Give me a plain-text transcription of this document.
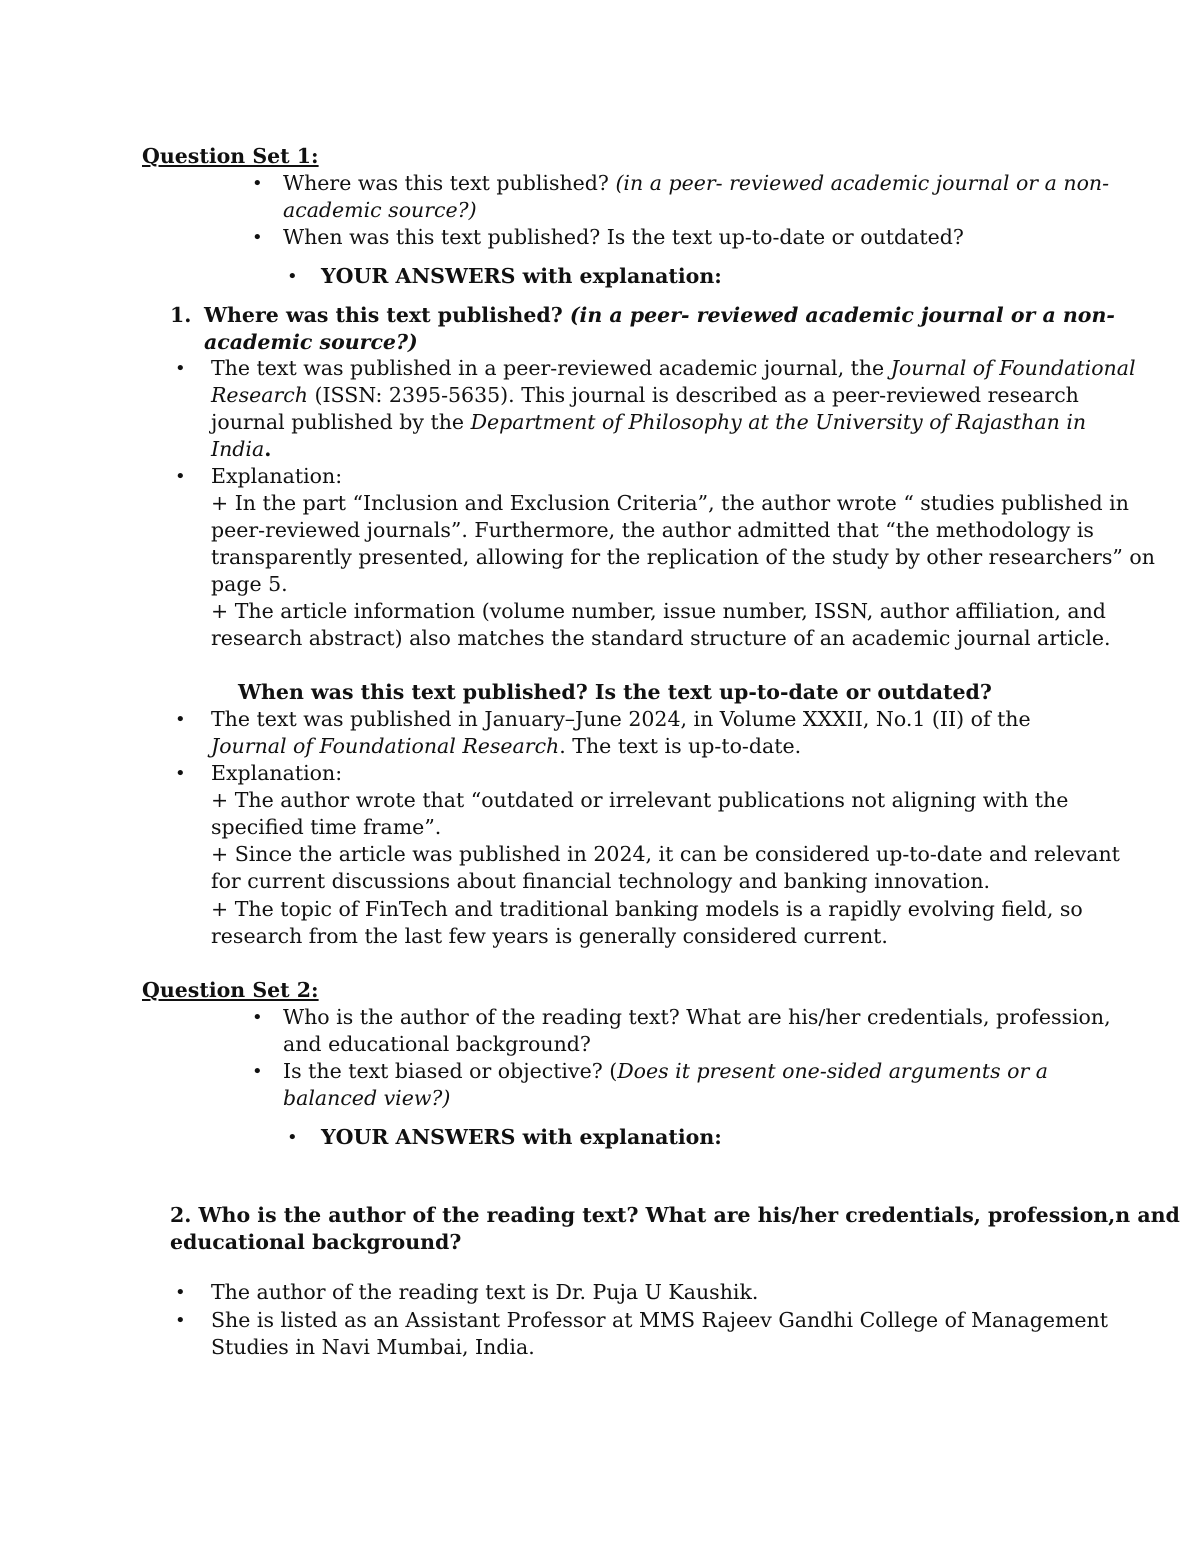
Question Set 1:
• Where was this text published? (in a peer- reviewed academic journal or a non-
academic source?)
• When was this text published? Is the text up-to-date or outdated?
• YOUR ANSWERS with explanation:
1. Where was this text published? (in a peer- reviewed academic journal or a non-
academic source?)
• The text was published in a peer-reviewed academic journal, the Journal of Foundational
Research (ISSN: 2395-5635). This journal is described as a peer-reviewed research
journal published by the Department of Philosophy at the University of Rajasthan in
India.
• Explanation:
+ In the part “Inclusion and Exclusion Criteria”, the author wrote “ studies published in
peer-reviewed journals”. Furthermore, the author admitted that “the methodology is
transparently presented, allowing for the replication of the study by other researchers” on
page 5.
+ The article information (volume number, issue number, ISSN, author affiliation, and
research abstract) also matches the standard structure of an academic journal article.
When was this text published? Is the text up-to-date or outdated?
• The text was published in January–June 2024, in Volume XXXII, No.1 (II) of the
Journal of Foundational Research. The text is up-to-date.
• Explanation:
+ The author wrote that “outdated or irrelevant publications not aligning with the
specified time frame”.
+ Since the article was published in 2024, it can be considered up-to-date and relevant
for current discussions about financial technology and banking innovation.
+ The topic of FinTech and traditional banking models is a rapidly evolving field, so
research from the last few years is generally considered current.
Question Set 2:
• Who is the author of the reading text? What are his/her credentials, profession,
and educational background?
• Is the text biased or objective? (Does it present one-sided arguments or a
balanced view?)
• YOUR ANSWERS with explanation:
2. Who is the author of the reading text? What are his/her credentials, profession,n and
educational background?
• The author of the reading text is Dr. Puja U Kaushik.
• She is listed as an Assistant Professor at MMS Rajeev Gandhi College of Management
Studies in Navi Mumbai, India.
